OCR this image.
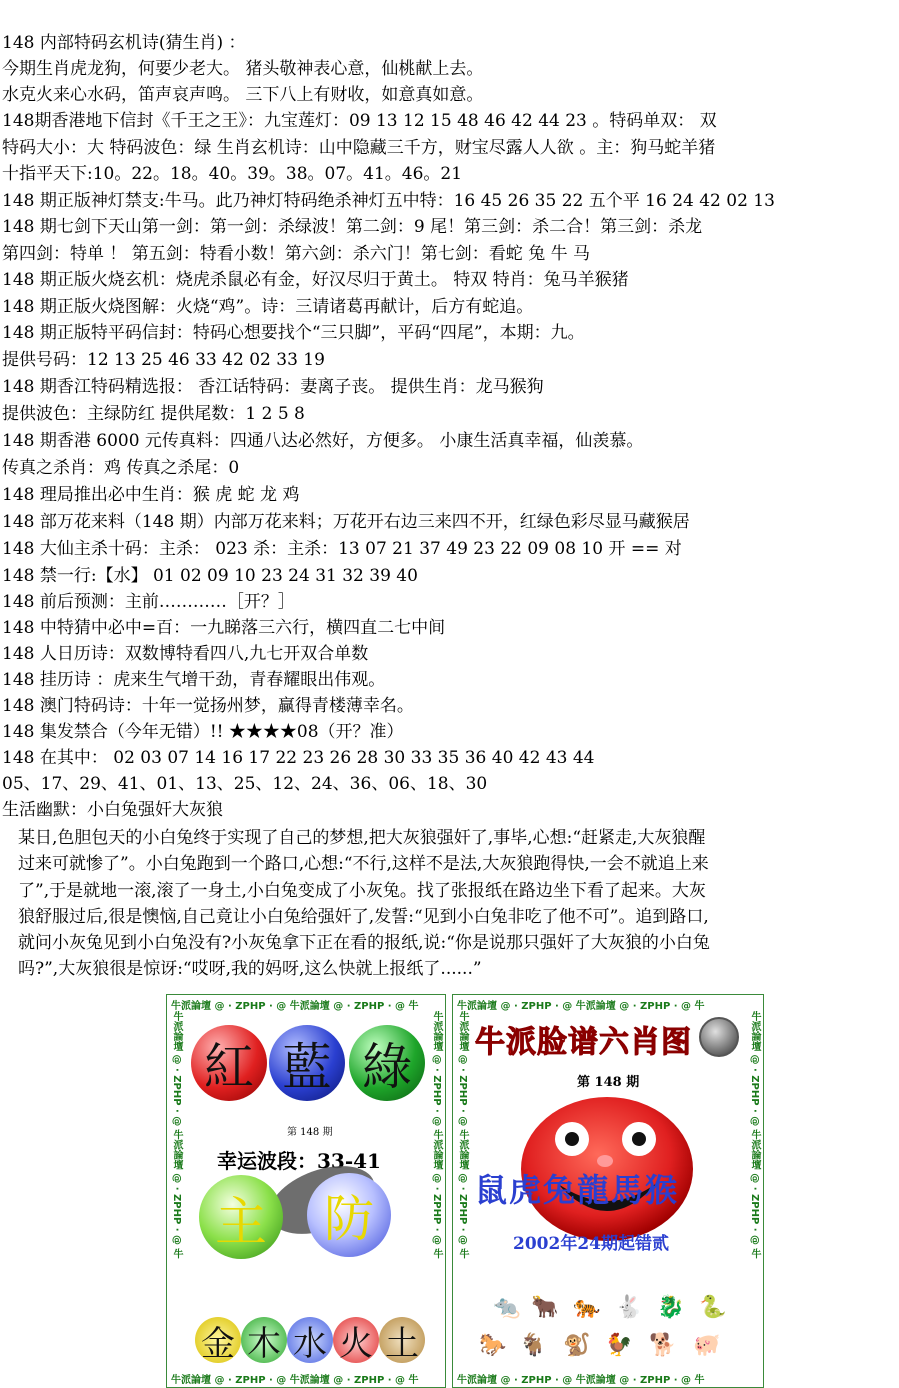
148 内部特码玄机诗(猜生肖) ：
今期生肖虎龙狗，何要少老大。 猪头敬神表心意，仙桃献上去。
水克火来心水码，笛声哀声鸣。 三下八上有财收，如意真如意。
148期香港地下信封《千王之王》：九宝莲灯：09 13 12 15 48 46 42 44 23 。特码单双： 双
特码大小：大 特码波色：绿 生肖玄机诗：山中隐藏三千方，财宝尽露人人欲 。主：狗马蛇羊猪
十指平天下:10。22。18。40。39。38。07。41。46。21
148 期正版神灯禁支:牛马。此乃神灯特码绝杀神灯五中特：16 45 26 35 22 五个平 16 24 42 02 13
148 期七剑下天山第一剑：第一剑：杀绿波！第二剑：9 尾！第三剑：杀二合！第三剑：杀龙
第四剑：特单 ！ 第五剑：特看小数！第六剑：杀六门！第七剑：看蛇 兔 牛 马
148 期正版火烧玄机：烧虎杀鼠必有金，好汉尽归于黄土。 特双 特肖：兔马羊猴猪
148 期正版火烧图解：火烧“鸡”。诗：三请诸葛再献计，后方有蛇追。
148 期正版特平码信封：特码心想要找个“三只脚”，平码“四尾”，本期：九。
提供号码：12 13 25 46 33 42 02 33 19
148 期香江特码精选报： 香江话特码：妻离子丧。 提供生肖：龙马猴狗
提供波色：主绿防红 提供尾数：1 2 5 8
148 期香港 6000 元传真料：四通八达必然好，方便多。 小康生活真幸福，仙羡慕。
传真之杀肖：鸡 传真之杀尾：0
148 理局推出必中生肖：猴 虎 蛇 龙 鸡
148 部万花来料（148 期）内部万花来料；万花开右边三来四不开，红绿色彩尽显马藏猴居
148 大仙主杀十码：主杀： 023 杀：主杀：13 07 21 37 49 23 22 09 08 10 开 == 对
148 禁一行:【水】 01 02 09 10 23 24 31 32 39 40
148 前后预测：主前…………［开？］
148 中特猜中必中=百：一九睇落三六行，横四直二七中间
148 人日历诗：双数博特看四八,九七开双合单数
148 挂历诗 ：虎来生气增干劲，青春耀眼出伟观。
148 澳门特码诗：十年一觉扬州梦，赢得青楼薄幸名。
148 集发禁合（今年无错）!! ★★★★08（开？准）
148 在其中： 02 03 07 14 16 17 22 23 26 28 30 33 35 36 40 42 43 44
05、17、29、41、01、13、25、12、24、36、06、18、30
生活幽默：小白兔强奸大灰狼
某日,色胆包天的小白兔终于实现了自己的梦想,把大灰狼强奸了,事毕,心想:“赶紧走,大灰狼醒
过来可就惨了”。小白兔跑到一个路口,心想:“不行,这样不是法,大灰狼跑得快,一会不就追上来
了”,于是就地一滚,滚了一身土,小白兔变成了小灰兔。找了张报纸在路边坐下看了起来。大灰
狼舒服过后,很是懊恼,自己竟让小白兔给强奸了,发誓:“见到小白兔非吃了他不可”。追到路口,
就问小灰兔见到小白兔没有?小灰兔拿下正在看的报纸,说:“你是说那只强奸了大灰狼的小白兔
吗?”,大灰狼很是惊讶:“哎呀,我的妈呀,这么快就上报纸了......”
牛派論壇 @ · ZPHP · @ 牛派論壇 @ · ZPHP · @ 牛
牛派論壇 @ · ZPHP · @ 牛派論壇 @ · ZPHP · @ 牛
牛派論壇 @ · ZPHP · @ 牛派論壇 @ · ZPHP · @ 牛	牛派論壇 @ · ZPHP · @ 牛派論壇 @ · ZPHP · @ 牛
紅 藍 綠
第 148 期
幸运波段：33-41
主 防
金 木 水 火 土
牛派論壇 @ · ZPHP · @ 牛派論壇 @ · ZPHP · @ 牛
牛派論壇 @ · ZPHP · @ 牛派論壇 @ · ZPHP · @ 牛
牛派論壇 @ · ZPHP · @ 牛派論壇 @ · ZPHP · @ 牛	牛派論壇 @ · ZPHP · @ 牛派論壇 @ · ZPHP · @ 牛
牛派脸谱六肖图
第 148 期
鼠虎兔龍馬猴
2002年24期起错贰
🐀 🐂 🐅 🐇 🐉 🐍
🐎 🐐 🐒 🐓 🐕 🐖
